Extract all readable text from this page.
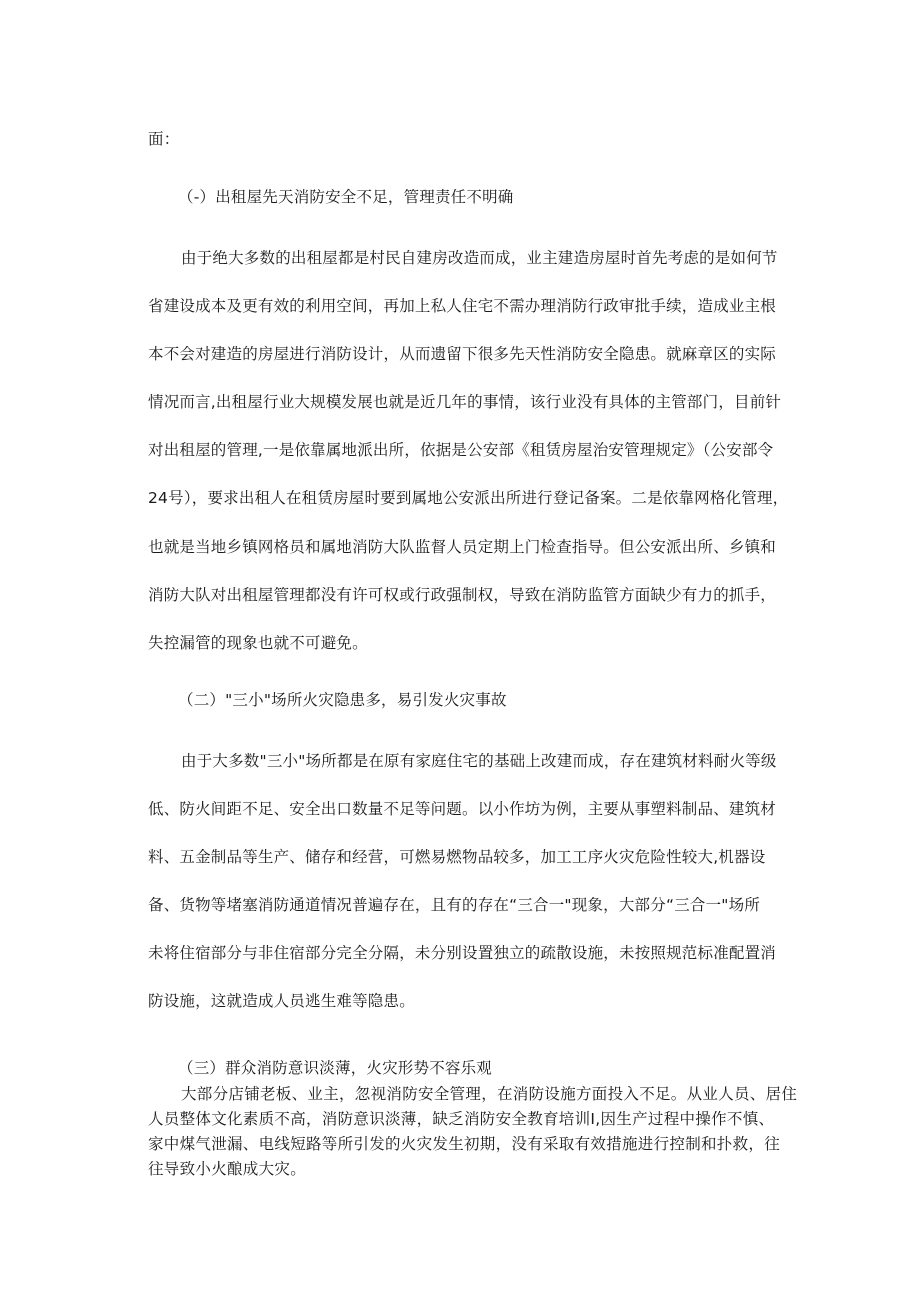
面：

（-）出租屋先天消防安全不足，管理责任不明确

由于绝大多数的出租屋都是村民自建房改造而成，业主建造房屋时首先考虑的是如何节

省建设成本及更有效的利用空间，再加上私人住宅不需办理消防行政审批手续，造成业主根

本不会对建造的房屋进行消防设计，从而遗留下很多先天性消防安全隐患。就麻章区的实际

情况而言,出租屋行业大规模发展也就是近几年的事情，该行业没有具体的主管部门，目前针

对出租屋的管理,一是依靠属地派出所，依据是公安部《租赁房屋治安管理规定》（公安部令

24号），要求出租人在租赁房屋时要到属地公安派出所进行登记备案。二是依靠网格化管理，

也就是当地乡镇网格员和属地消防大队监督人员定期上门检查指导。但公安派出所、乡镇和

消防大队对出租屋管理都没有许可权或行政强制权，导致在消防监管方面缺少有力的抓手，

失控漏管的现象也就不可避免。

（二）"三小"场所火灾隐患多，易引发火灾事故

由于大多数"三小"场所都是在原有家庭住宅的基础上改建而成，存在建筑材料耐火等级

低、防火间距不足、安全出口数量不足等问题。以小作坊为例，主要从事塑料制品、建筑材

料、五金制品等生产、储存和经营，可燃易燃物品较多，加工工序火灾危险性较大,机器设

备、货物等堵塞消防通道情况普遍存在，且有的存在“三合一"现象，大部分“三合一"场所

未将住宿部分与非住宿部分完全分隔，未分别设置独立的疏散设施，未按照规范标准配置消

防设施，这就造成人员逃生难等隐患。

（三）群众消防意识淡薄，火灾形势不容乐观

大部分店铺老板、业主，忽视消防安全管理，在消防设施方面投入不足。从业人员、居住

人员整体文化素质不高，消防意识淡薄，缺乏消防安全教育培训I,因生产过程中操作不慎、

家中煤气泄漏、电线短路等所引发的火灾发生初期，没有采取有效措施进行控制和扑救，往

往导致小火酿成大灾。
